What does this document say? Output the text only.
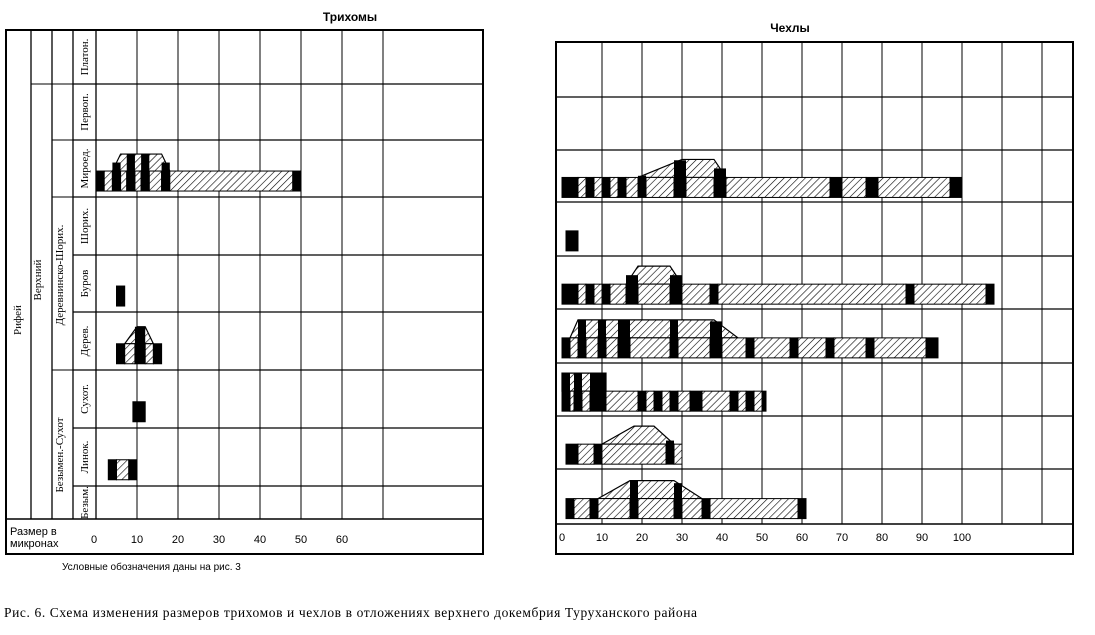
Трихомы
Чехлы
Платон.
Первоп.
Мироед.
Шорих.
Буров
Дерев.
Сухот.
Линок.
Безым.
0	10	20	30	40	50	60
Рифей
Верхний Деревнинско-Шорих.
Безымен.-Сухот
Размер в
микронах	0	10	20	30	40	50	60	70	80	90 100
Условные обозначения даны на рис. 3
Рис. 6. Схема изменения размеров трихомов и чехлов в отложениях верхнего докембрия Туруханского района
